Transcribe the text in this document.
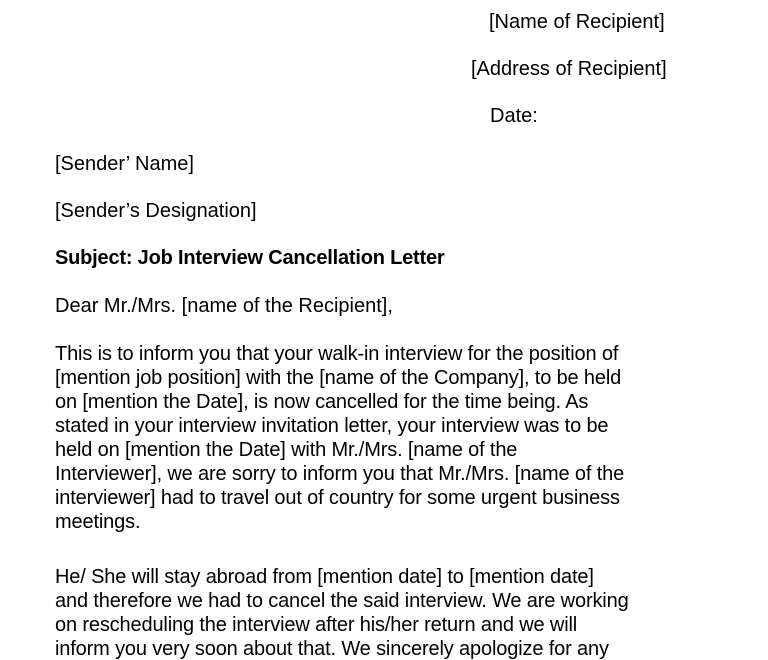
[Name of Recipient]

[Address of Recipient]

Date:

[Sender’ Name]

[Sender’s Designation]

Subject: Job Interview Cancellation Letter

Dear Mr./Mrs. [name of the Recipient],

This is to inform you that your walk-in interview for the position of
[mention job position] with the [name of the Company], to be held
on [mention the Date], is now cancelled for the time being. As
stated in your interview invitation letter, your interview was to be
held on [mention the Date] with Mr./Mrs. [name of the
Interviewer], we are sorry to inform you that Mr./Mrs. [name of the
interviewer] had to travel out of country for some urgent business
meetings.
He/ She will stay abroad from [mention date] to [mention date]
and therefore we had to cancel the said interview. We are working
on rescheduling the interview after his/her return and we will
inform you very soon about that. We sincerely apologize for any
